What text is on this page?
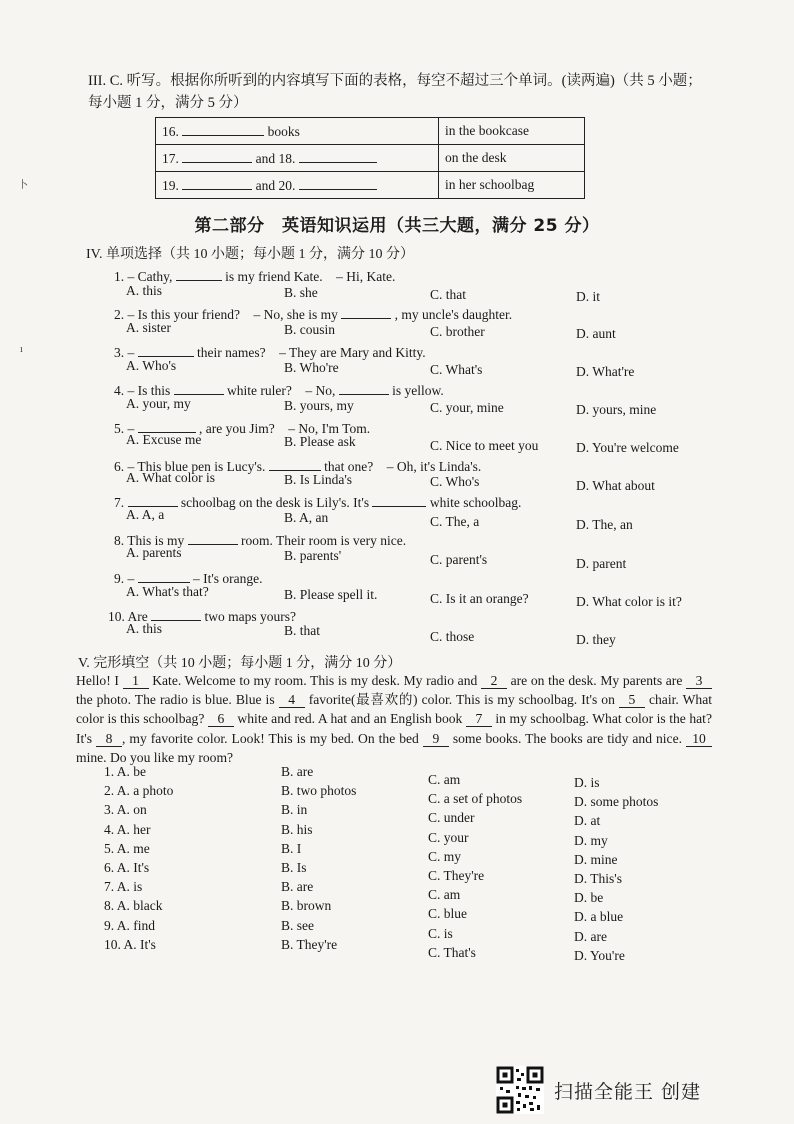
III. C. 听写。根据你所听到的内容填写下面的表格，每空不超过三个单词。(读两遍)（共 5 小题；
每小题 1 分，满分 5 分）
16. books	in the bookcase
17. and 18.	on the desk
19. and 20.	in her schoolbag
第二部分　英语知识运用（共三大题，满分 25 分）
IV. 单项选择（共 10 小题；每小题 1 分，满分 10 分）
1. – Cathy,	is my friend Kate.　– Hi, Kate.
A. this	B. she	C. that	D. it
2. – Is this your friend?　– No, she is my	, my uncle's daughter.
A. sister	B. cousin	C. brother	D. aunt
3. –	their names?　– They are Mary and Kitty.
A. Who's	B. Who're	C. What's	D. What're
4. – Is this	white ruler?　– No,	is yellow.
A. your, my	B. yours, my	C. your, mine	D. yours, mine
5. –	, are you Jim?　– No, I'm Tom.
A. Excuse me	B. Please ask	C. Nice to meet you	D. You're welcome
6. – This blue pen is Lucy's.	that one?　– Oh, it's Linda's.
A. What color is	B. Is Linda's	C. Who's	D. What about
7.	schoolbag on the desk is Lily's. It's	white schoolbag.
A. A, a	B. A, an	C. The, a	D. The, an
8. This is my	room. Their room is very nice.
A. parents	B. parents'	C. parent's	D. parent
9. –	– It's orange.
A. What's that?	B. Please spell it.	C. Is it an orange?	D. What color is it?
10. Are	two maps yours?
A. this	B. that	C. those	D. they
V. 完形填空（共 10 小题；每小题 1 分，满分 10 分）
Hello! I 1 Kate. Welcome to my room. This is my desk. My radio and 2 are on the desk. My parents are 3 the photo. The radio is blue. Blue is 4 favorite(最喜欢的) color. This is my schoolbag. It's on 5 chair. What color is this schoolbag? 6 white and red. A hat and an English book 7 in my schoolbag. What color is the hat? It's 8 , my favorite color. Look! This is my bed. On the bed 9 some books. The books are tidy and nice. 10 mine. Do you like my room?
1. A. be	B. are
C. am	D. is
2. A. a photo	B. two photos
C. a set of photos	D. some photos
3. A. on	B. in
C. under	D. at
4. A. her	B. his
C. your	D. my
5. A. me	B. I
C. my	D. mine
6. A. It's	B. Is
C. They're	D. This's
7. A. is	B. are
C. am	D. be
8. A. black	B. brown
C. blue	D. a blue
9. A. find	B. see
C. is	D. are
10. A. It's	B. They're
C. That's	D. You're
卜
ı
扫描全能王 创建
